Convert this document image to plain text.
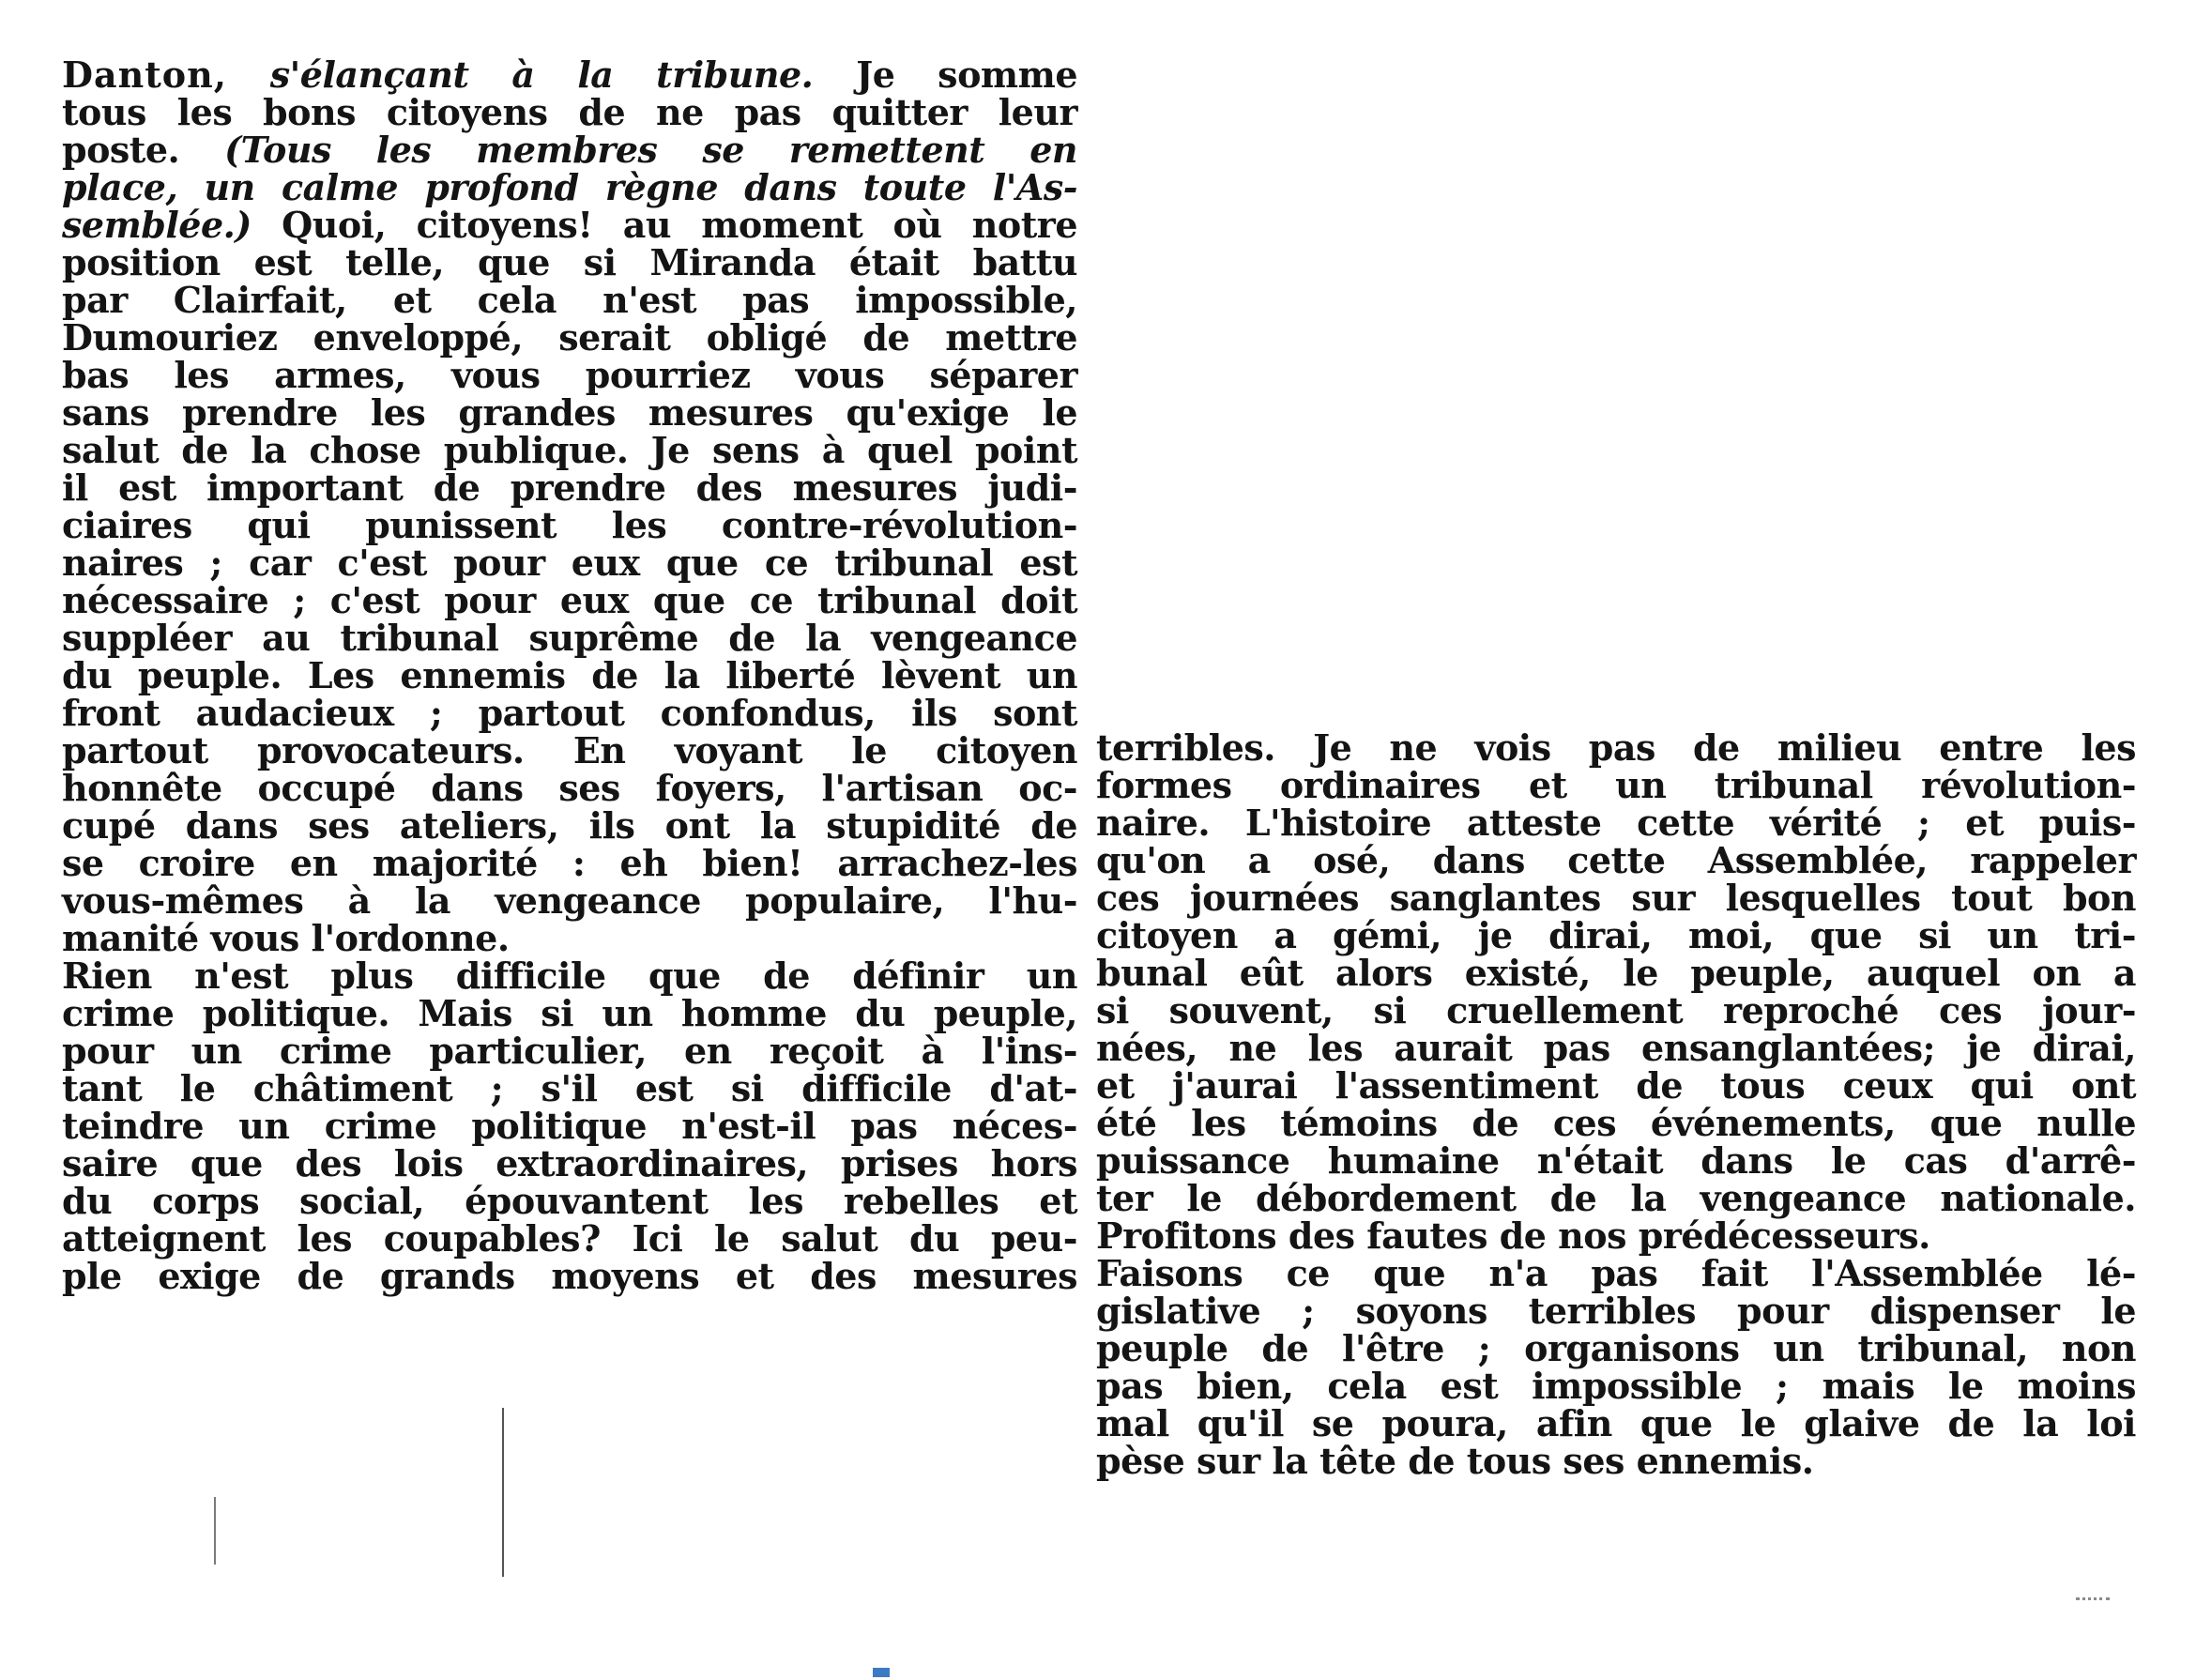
Danton, s'élançant à la tribune. Je somme
tous les bons citoyens de ne pas quitter leur
poste. (Tous les membres se remettent en
place, un calme profond règne dans toute l'As-
semblée.) Quoi, citoyens! au moment où notre
position est telle, que si Miranda était battu
par Clairfait, et cela n'est pas impossible,
Dumouriez enveloppé, serait obligé de mettre
bas les armes, vous pourriez vous séparer
sans prendre les grandes mesures qu'exige le
salut de la chose publique. Je sens à quel point
il est important de prendre des mesures judi-
ciaires qui punissent les contre-révolution-
naires ; car c'est pour eux que ce tribunal est
nécessaire ; c'est pour eux que ce tribunal doit
suppléer au tribunal suprême de la vengeance
du peuple. Les ennemis de la liberté lèvent un
front audacieux ; partout confondus, ils sont
partout provocateurs. En voyant le citoyen
honnête occupé dans ses foyers, l'artisan oc-
cupé dans ses ateliers, ils ont la stupidité de
se croire en majorité : eh bien! arrachez-les
vous-mêmes à la vengeance populaire, l'hu-
manité vous l'ordonne.
Rien n'est plus difficile que de définir un
crime politique. Mais si un homme du peuple,
pour un crime particulier, en reçoit à l'ins-
tant le châtiment ; s'il est si difficile d'at-
teindre un crime politique n'est-il pas néces-
saire que des lois extraordinaires, prises hors
du corps social, épouvantent les rebelles et
atteignent les coupables? Ici le salut du peu-
ple exige de grands moyens et des mesures
terribles. Je ne vois pas de milieu entre les
formes ordinaires et un tribunal révolution-
naire. L'histoire atteste cette vérité ; et puis-
qu'on a osé, dans cette Assemblée, rappeler
ces journées sanglantes sur lesquelles tout bon
citoyen a gémi, je dirai, moi, que si un tri-
bunal eût alors existé, le peuple, auquel on a
si souvent, si cruellement reproché ces jour-
nées, ne les aurait pas ensanglantées; je dirai,
et j'aurai l'assentiment de tous ceux qui ont
été les témoins de ces événements, que nulle
puissance humaine n'était dans le cas d'arrê-
ter le débordement de la vengeance nationale.
Profitons des fautes de nos prédécesseurs.
Faisons ce que n'a pas fait l'Assemblée lé-
gislative ; soyons terribles pour dispenser le
peuple de l'être ; organisons un tribunal, non
pas bien, cela est impossible ; mais le moins
mal qu'il se poura, afin que le glaive de la loi
pèse sur la tête de tous ses ennemis.
